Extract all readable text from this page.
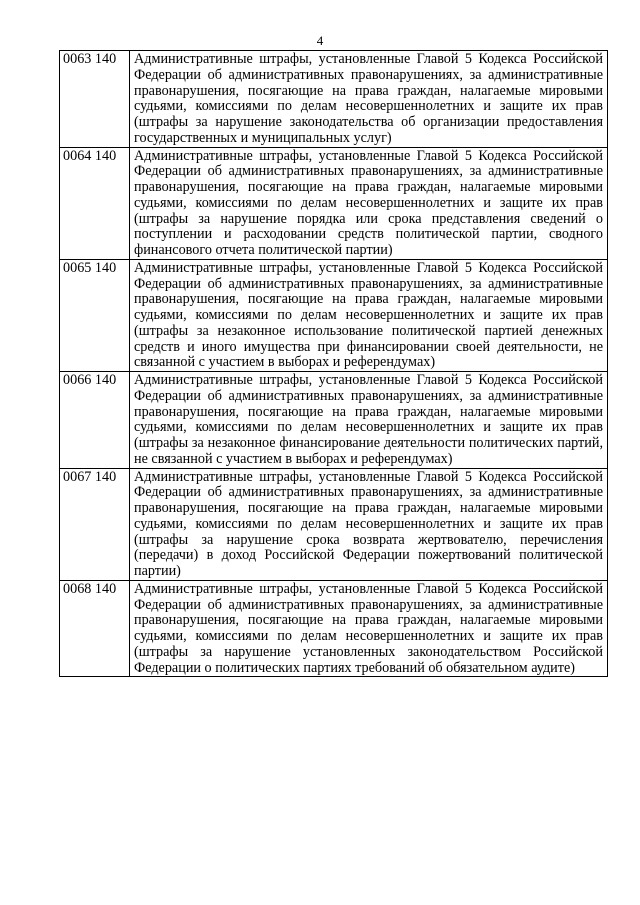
4
0063 140	Административные штрафы, установленные Главой 5 Кодекса Российской Федерации об административных правонарушениях, за административные правонарушения, посягающие на права граждан, налагаемые мировыми судьями, комиссиями по делам несовершеннолетних и защите их прав (штрафы за нарушение законодательства об организации предоставления государственных и муниципальных услуг)
0064 140	Административные штрафы, установленные Главой 5 Кодекса Российской Федерации об административных правонарушениях, за административные правонарушения, посягающие на права граждан, налагаемые мировыми судьями, комиссиями по делам несовершеннолетних и защите их прав (штрафы за нарушение порядка или срока представления сведений о поступлении и расходовании средств политической партии, сводного финансового отчета политической партии)
0065 140	Административные штрафы, установленные Главой 5 Кодекса Российской Федерации об административных правонарушениях, за административные правонарушения, посягающие на права граждан, налагаемые мировыми судьями, комиссиями по делам несовершеннолетних и защите их прав (штрафы за незаконное использование политической партией денежных средств и иного имущества при финансировании своей деятельности, не связанной с участием в выборах и референдумах)
0066 140	Административные штрафы, установленные Главой 5 Кодекса Российской Федерации об административных правонарушениях, за административные правонарушения, посягающие на права граждан, налагаемые мировыми судьями, комиссиями по делам несовершеннолетних и защите их прав (штрафы за незаконное финансирование деятельности политических партий, не связанной с участием в выборах и референдумах)
0067 140	Административные штрафы, установленные Главой 5 Кодекса Российской Федерации об административных правонарушениях, за административные правонарушения, посягающие на права граждан, налагаемые мировыми судьями, комиссиями по делам несовершеннолетних и защите их прав (штрафы за нарушение срока возврата жертвователю, перечисления (передачи) в доход Российской Федерации пожертвований политической партии)
0068 140	Административные штрафы, установленные Главой 5 Кодекса Российской Федерации об административных правонарушениях, за административные правонарушения, посягающие на права граждан, налагаемые мировыми судьями, комиссиями по делам несовершеннолетних и защите их прав (штрафы за нарушение установленных законодательством Российской Федерации о политических партиях требований об обязательном аудите)
